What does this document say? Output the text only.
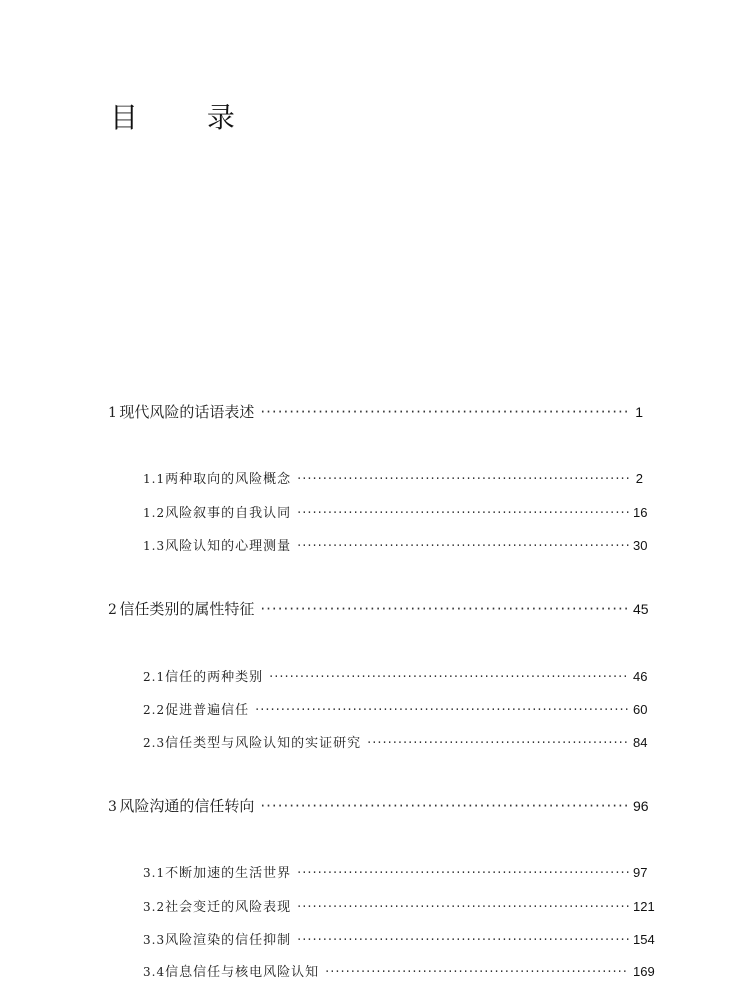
目 录
1 现代风险的话语表述 ·····	1
1.1 两种取向的风险概念 ·····	2
1.2 风险叙事的自我认同 ·····	16
1.3 风险认知的心理测量 ·····	30
2 信任类别的属性特征 ·····	45
2.1 信任的两种类别 ·····	46
2.2 促进普遍信任 ·····	60
2.3 信任类型与风险认知的实证研究 ·····	84
3 风险沟通的信任转向 ·····	96
3.1 不断加速的生活世界 ·····	97
3.2 社会变迁的风险表现 ·····	121
3.3 风险渲染的信任抑制 ·····	154
3.4 信息信任与核电风险认知 ·····	169
